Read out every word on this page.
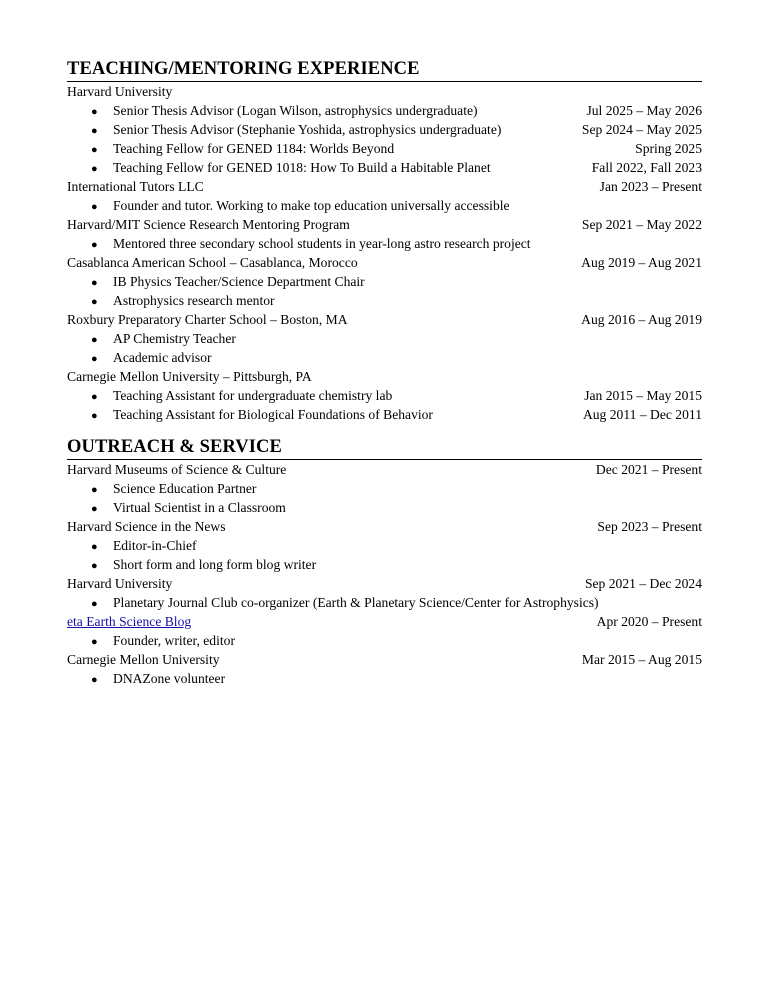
TEACHING/MENTORING EXPERIENCE
Harvard University
●	Senior Thesis Advisor (Logan Wilson, astrophysics undergraduate)	Jul 2025 – May 2026
●	Senior Thesis Advisor (Stephanie Yoshida, astrophysics undergraduate)	Sep 2024 – May 2025
●	Teaching Fellow for GENED 1184: Worlds Beyond	Spring 2025
●	Teaching Fellow for GENED 1018: How To Build a Habitable Planet	Fall 2022, Fall 2023
International Tutors LLC	Jan 2023 – Present
●	Founder and tutor. Working to make top education universally accessible
Harvard/MIT Science Research Mentoring Program	Sep 2021 – May 2022
●	Mentored three secondary school students in year-long astro research project
Casablanca American School – Casablanca, Morocco	Aug 2019 – Aug 2021
●	IB Physics Teacher/Science Department Chair
●	Astrophysics research mentor
Roxbury Preparatory Charter School – Boston, MA	Aug 2016 – Aug 2019
●	AP Chemistry Teacher
●	Academic advisor
Carnegie Mellon University – Pittsburgh, PA
●	Teaching Assistant for undergraduate chemistry lab	Jan 2015 – May 2015
●	Teaching Assistant for Biological Foundations of Behavior	Aug 2011 – Dec 2011
OUTREACH & SERVICE
Harvard Museums of Science & Culture	Dec 2021 – Present
●	Science Education Partner
●	Virtual Scientist in a Classroom
Harvard Science in the News	Sep 2023 – Present
●	Editor-in-Chief
●	Short form and long form blog writer
Harvard University	Sep 2021 – Dec 2024
●	Planetary Journal Club co-organizer (Earth & Planetary Science/Center for Astrophysics)
eta Earth Science Blog	Apr 2020 – Present
●	Founder, writer, editor
Carnegie Mellon University	Mar 2015 – Aug 2015
●	DNAZone volunteer
